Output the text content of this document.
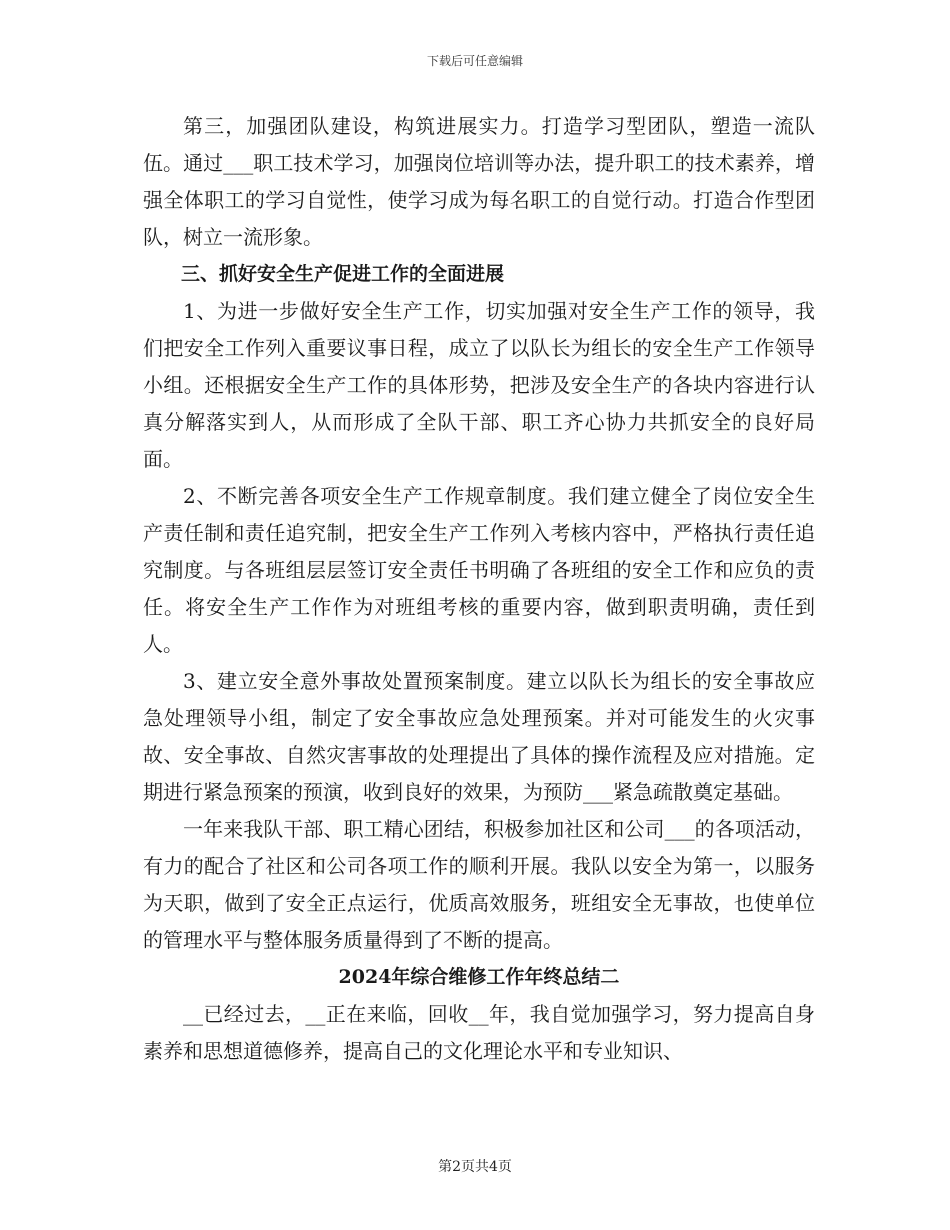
下载后可任意编辑

第三，加强团队建设，构筑进展实力。打造学习型团队，塑造一流队伍。通过___职工技术学习，加强岗位培训等办法，提升职工的技术素养，增强全体职工的学习自觉性，使学习成为每名职工的自觉行动。打造合作型团队，树立一流形象。

三、抓好安全生产促进工作的全面进展

1、为进一步做好安全生产工作，切实加强对安全生产工作的领导，我们把安全工作列入重要议事日程，成立了以队长为组长的安全生产工作领导小组。还根据安全生产工作的具体形势，把涉及安全生产的各块内容进行认真分解落实到人，从而形成了全队干部、职工齐心协力共抓安全的良好局面。

2、不断完善各项安全生产工作规章制度。我们建立健全了岗位安全生产责任制和责任追究制，把安全生产工作列入考核内容中，严格执行责任追究制度。与各班组层层签订安全责任书明确了各班组的安全工作和应负的责任。将安全生产工作作为对班组考核的重要内容，做到职责明确，责任到人。

3、建立安全意外事故处置预案制度。建立以队长为组长的安全事故应急处理领导小组，制定了安全事故应急处理预案。并对可能发生的火灾事故、安全事故、自然灾害事故的处理提出了具体的操作流程及应对措施。定期进行紧急预案的预演，收到良好的效果，为预防___紧急疏散奠定基础。

一年来我队干部、职工精心团结，积极参加社区和公司___的各项活动，有力的配合了社区和公司各项工作的顺利开展。我队以安全为第一，以服务为天职，做到了安全正点运行，优质高效服务，班组安全无事故，也使单位的管理水平与整体服务质量得到了不断的提高。

2024年综合维修工作年终总结二

__已经过去，__正在来临，回收__年，我自觉加强学习，努力提高自身素养和思想道德修养，提高自己的文化理论水平和专业知识、

第2页共4页
